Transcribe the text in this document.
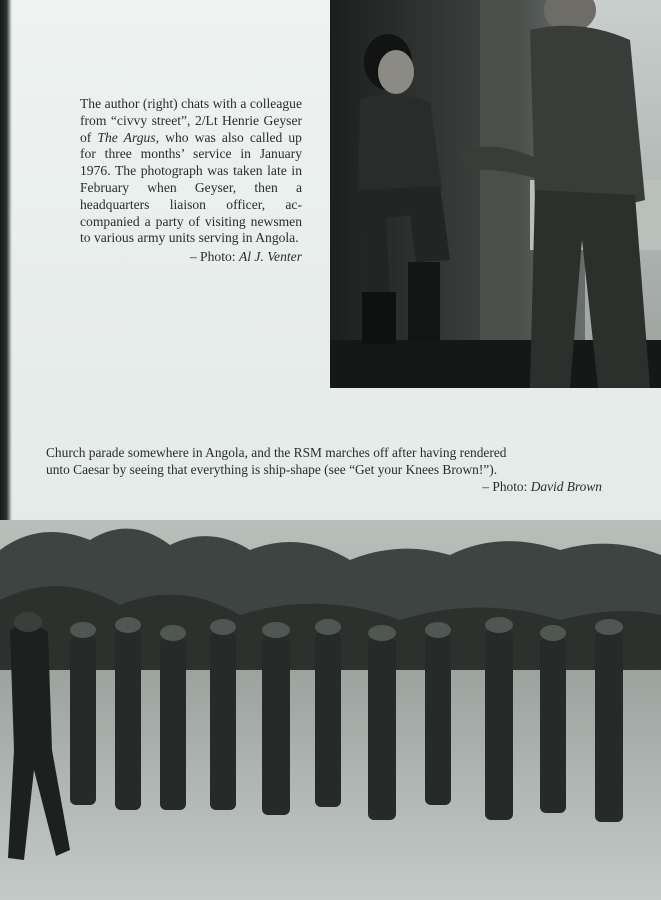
The author (right) chats with a colleague from “civvy street”, 2/Lt Henrie Geyser of The Argus, who was also called up for three months’ service in January 1976. The photograph was taken late in February when Geyser, then a headquarters liaison officer, ac- companied a party of visiting newsmen to various army units serving in Angola.
– Photo: Al J. Venter
Church parade somewhere in Angola, and the RSM marches off after having rendered
unto Caesar by seeing that everything is ship-shape (see “Get your Knees Brown!”).
– Photo: David Brown
